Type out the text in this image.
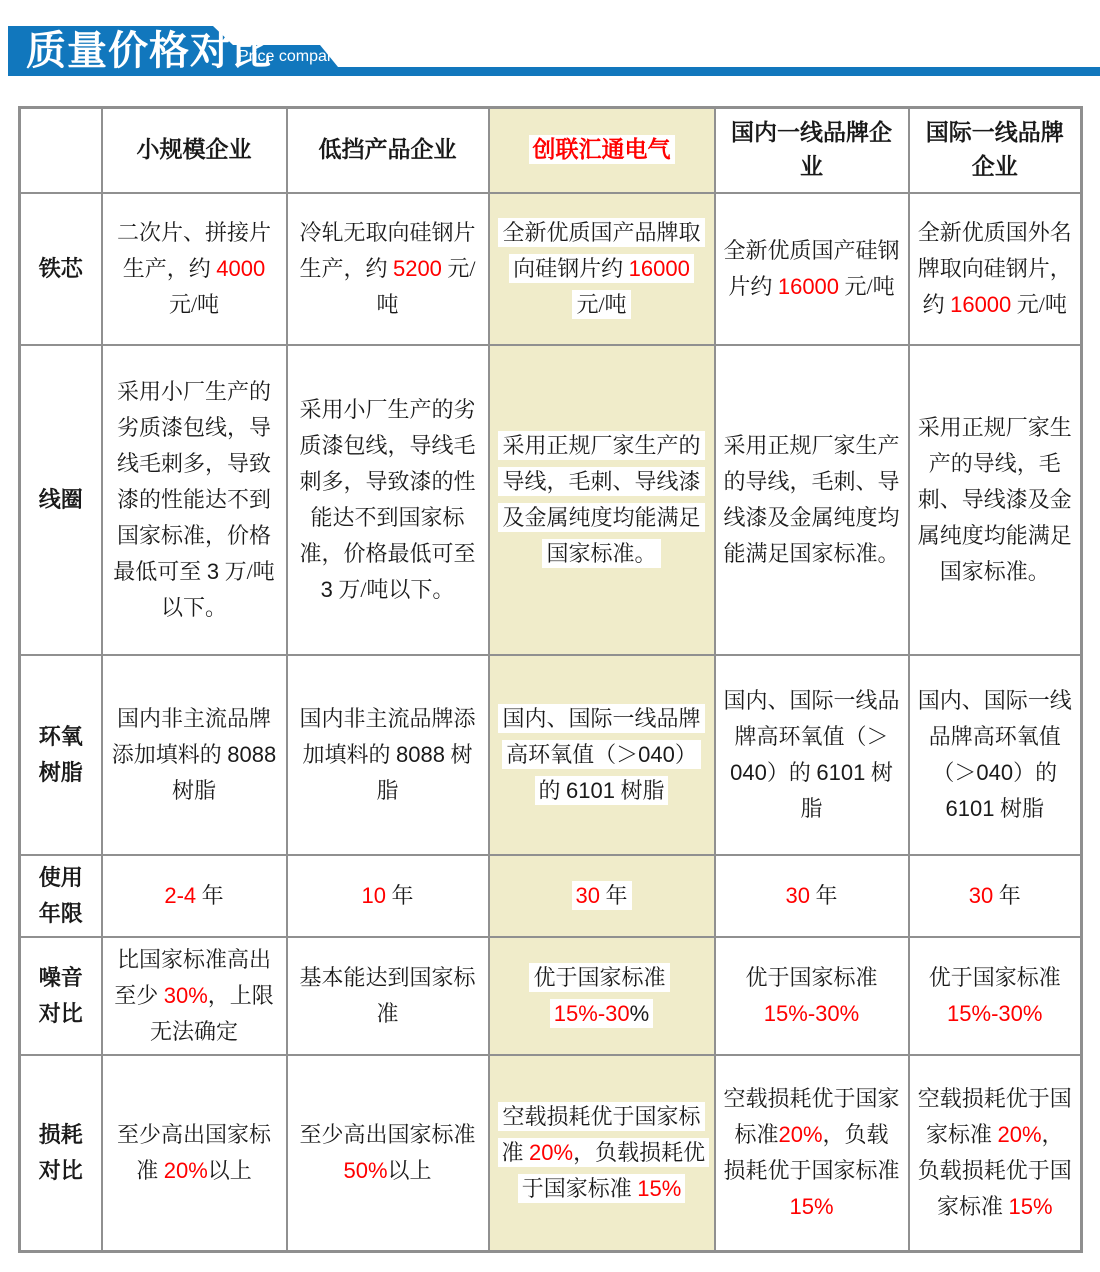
质量价格对比
Price comparison
	小规模企业	低挡产品企业	创联汇通电气	国内一线品牌企业	国际一线品牌企业
铁芯	二次片、拼接片生产，约 4000 元/吨	冷轧无取向硅钢片生产，约 5200 元/吨	全新优质国产品牌取向硅钢片约 16000 元/吨	全新优质国产硅钢片约 16000 元/吨	全新优质国外名牌取向硅钢片，约 16000 元/吨
线圈	采用小厂生产的劣质漆包线，导线毛刺多，导致漆的性能达不到国家标准，价格最低可至 3 万/吨以下。	采用小厂生产的劣质漆包线，导线毛刺多，导致漆的性能达不到国家标准，价格最低可至 3 万/吨以下。	采用正规厂家生产的导线，毛刺、导线漆及金属纯度均能满足国家标准。	采用正规厂家生产的导线，毛刺、导线漆及金属纯度均能满足国家标准。	采用正规厂家生产的导线，毛刺、导线漆及金属纯度均能满足国家标准。
环氧树脂	国内非主流品牌添加填料的 8088 树脂	国内非主流品牌添加填料的 8088 树脂	国内、国际一线品牌高环氧值（＞040）的 6101 树脂	国内、国际一线品牌高环氧值（＞040）的 6101 树脂	国内、国际一线品牌高环氧值（＞040）的 6101 树脂
使用年限	2-4 年	10 年	30 年	30 年	30 年
噪音对比	比国家标准高出至少 30%，上限无法确定	基本能达到国家标准	优于国家标准 15%-30%	优于国家标准 15%-30%	优于国家标准 15%-30%
损耗对比	至少高出国家标准 20%以上	至少高出国家标准 50%以上	空载损耗优于国家标准 20%，负载损耗优于国家标准 15%	空载损耗优于国家标准20%，负载损耗优于国家标准 15%	空载损耗优于国家标准 20%，负载损耗优于国家标准 15%
